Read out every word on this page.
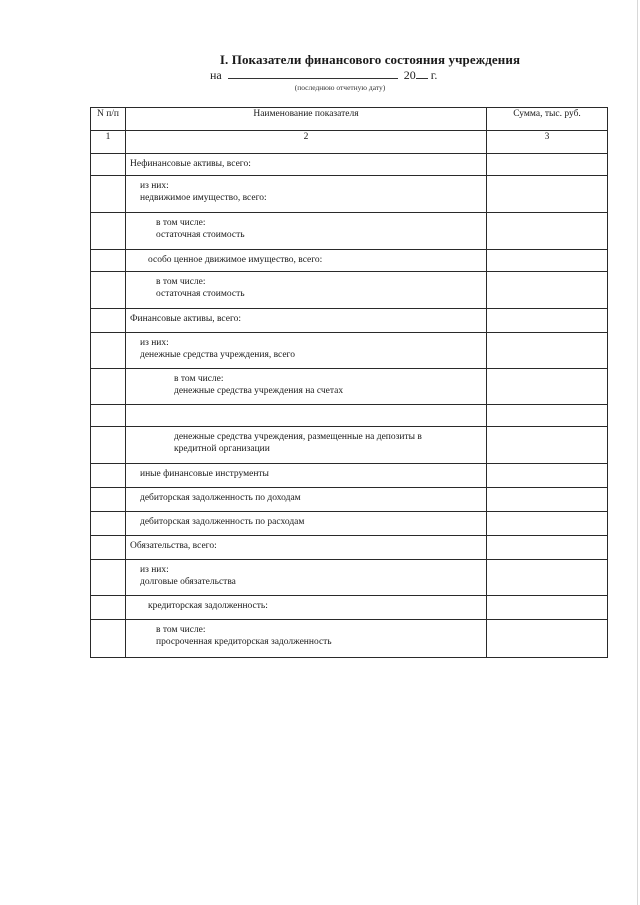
I. Показатели финансового состояния учреждения
на	20 г.
(последнюю отчетную дату)
N п/п	Наименование показателя	Сумма, тыс. руб.
1	2	3

	Нефинансовые активы, всего:	

	из них:
недвижимое имущество, всего:	

	в том числе:
остаточная стоимость	

	особо ценное движимое имущество, всего:	

	в том числе:
остаточная стоимость	

	Финансовые активы, всего:	

	из них:
денежные средства учреждения, всего	

	в том числе:
денежные средства учреждения на счетах	

	денежные средства учреждения, размещенные на депозиты в
кредитной организации	

	иные финансовые инструменты	

	дебиторская задолженность по доходам	

	дебиторская задолженность по расходам	

	Обязательства, всего:	

	из них:
долговые обязательства	

	кредиторская задолженность:	

	в том числе:
просроченная кредиторская задолженность	
